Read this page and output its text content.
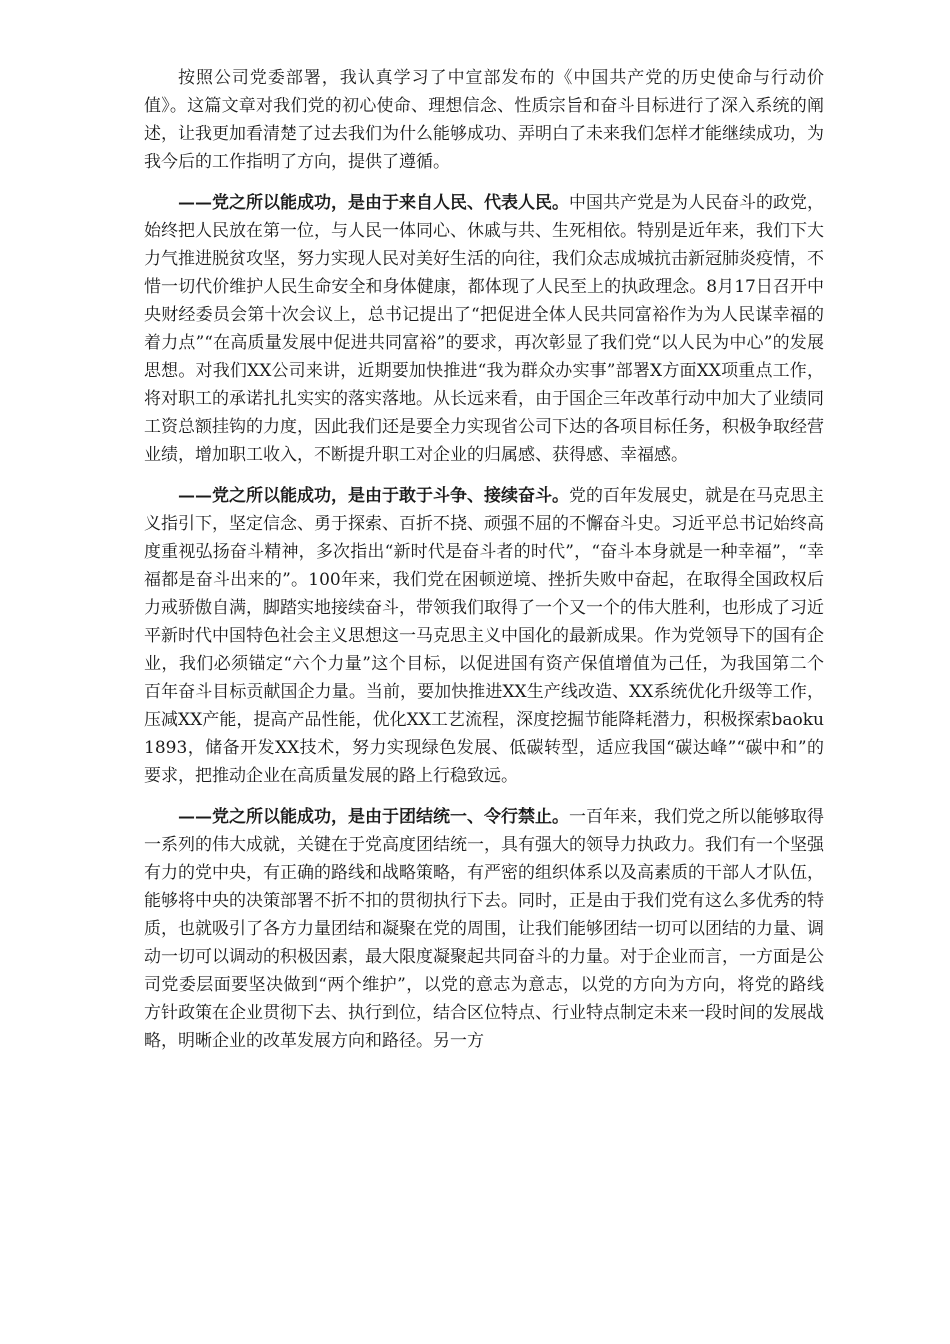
按照公司党委部署，我认真学习了中宣部发布的《中国共产党的历史使命与行动价值》。这篇文章对我们党的初心使命、理想信念、性质宗旨和奋斗目标进行了深入系统的阐述，让我更加看清楚了过去我们为什么能够成功、弄明白了未来我们怎样才能继续成功，为我今后的工作指明了方向，提供了遵循。

——党之所以能成功，是由于来自人民、代表人民。中国共产党是为人民奋斗的政党，始终把人民放在第一位，与人民一体同心、休戚与共、生死相依。特别是近年来，我们下大力气推进脱贫攻坚，努力实现人民对美好生活的向往，我们众志成城抗击新冠肺炎疫情，不惜一切代价维护人民生命安全和身体健康，都体现了人民至上的执政理念。8月17日召开中央财经委员会第十次会议上，总书记提出了“把促进全体人民共同富裕作为为人民谋幸福的着力点”“在高质量发展中促进共同富裕”的要求，再次彰显了我们党“以人民为中心”的发展思想。对我们XX公司来讲，近期要加快推进“我为群众办实事”部署X方面XX项重点工作，将对职工的承诺扎扎实实的落实落地。从长远来看，由于国企三年改革行动中加大了业绩同工资总额挂钩的力度，因此我们还是要全力实现省公司下达的各项目标任务，积极争取经营业绩，增加职工收入，不断提升职工对企业的归属感、获得感、幸福感。

——党之所以能成功，是由于敢于斗争、接续奋斗。党的百年发展史，就是在马克思主义指引下，坚定信念、勇于探索、百折不挠、顽强不屈的不懈奋斗史。习近平总书记始终高度重视弘扬奋斗精神，多次指出“新时代是奋斗者的时代”，“奋斗本身就是一种幸福”，“幸福都是奋斗出来的”。100年来，我们党在困顿逆境、挫折失败中奋起，在取得全国政权后力戒骄傲自满，脚踏实地接续奋斗，带领我们取得了一个又一个的伟大胜利，也形成了习近平新时代中国特色社会主义思想这一马克思主义中国化的最新成果。作为党领导下的国有企业，我们必须锚定“六个力量”这个目标，以促进国有资产保值增值为己任，为我国第二个百年奋斗目标贡献国企力量。当前，要加快推进XX生产线改造、XX系统优化升级等工作，压减XX产能，提高产品性能，优化XX工艺流程，深度挖掘节能降耗潜力，积极探索baoku1893，储备开发XX技术，努力实现绿色发展、低碳转型，适应我国“碳达峰”“碳中和”的要求，把推动企业在高质量发展的路上行稳致远。

——党之所以能成功，是由于团结统一、令行禁止。一百年来，我们党之所以能够取得一系列的伟大成就，关键在于党高度团结统一，具有强大的领导力执政力。我们有一个坚强有力的党中央，有正确的路线和战略策略，有严密的组织体系以及高素质的干部人才队伍，能够将中央的决策部署不折不扣的贯彻执行下去。同时，正是由于我们党有这么多优秀的特质，也就吸引了各方力量团结和凝聚在党的周围，让我们能够团结一切可以团结的力量、调动一切可以调动的积极因素，最大限度凝聚起共同奋斗的力量。对于企业而言，一方面是公司党委层面要坚决做到“两个维护”，以党的意志为意志，以党的方向为方向，将党的路线方针政策在企业贯彻下去、执行到位，结合区位特点、行业特点制定未来一段时间的发展战略，明晰企业的改革发展方向和路径。另一方
